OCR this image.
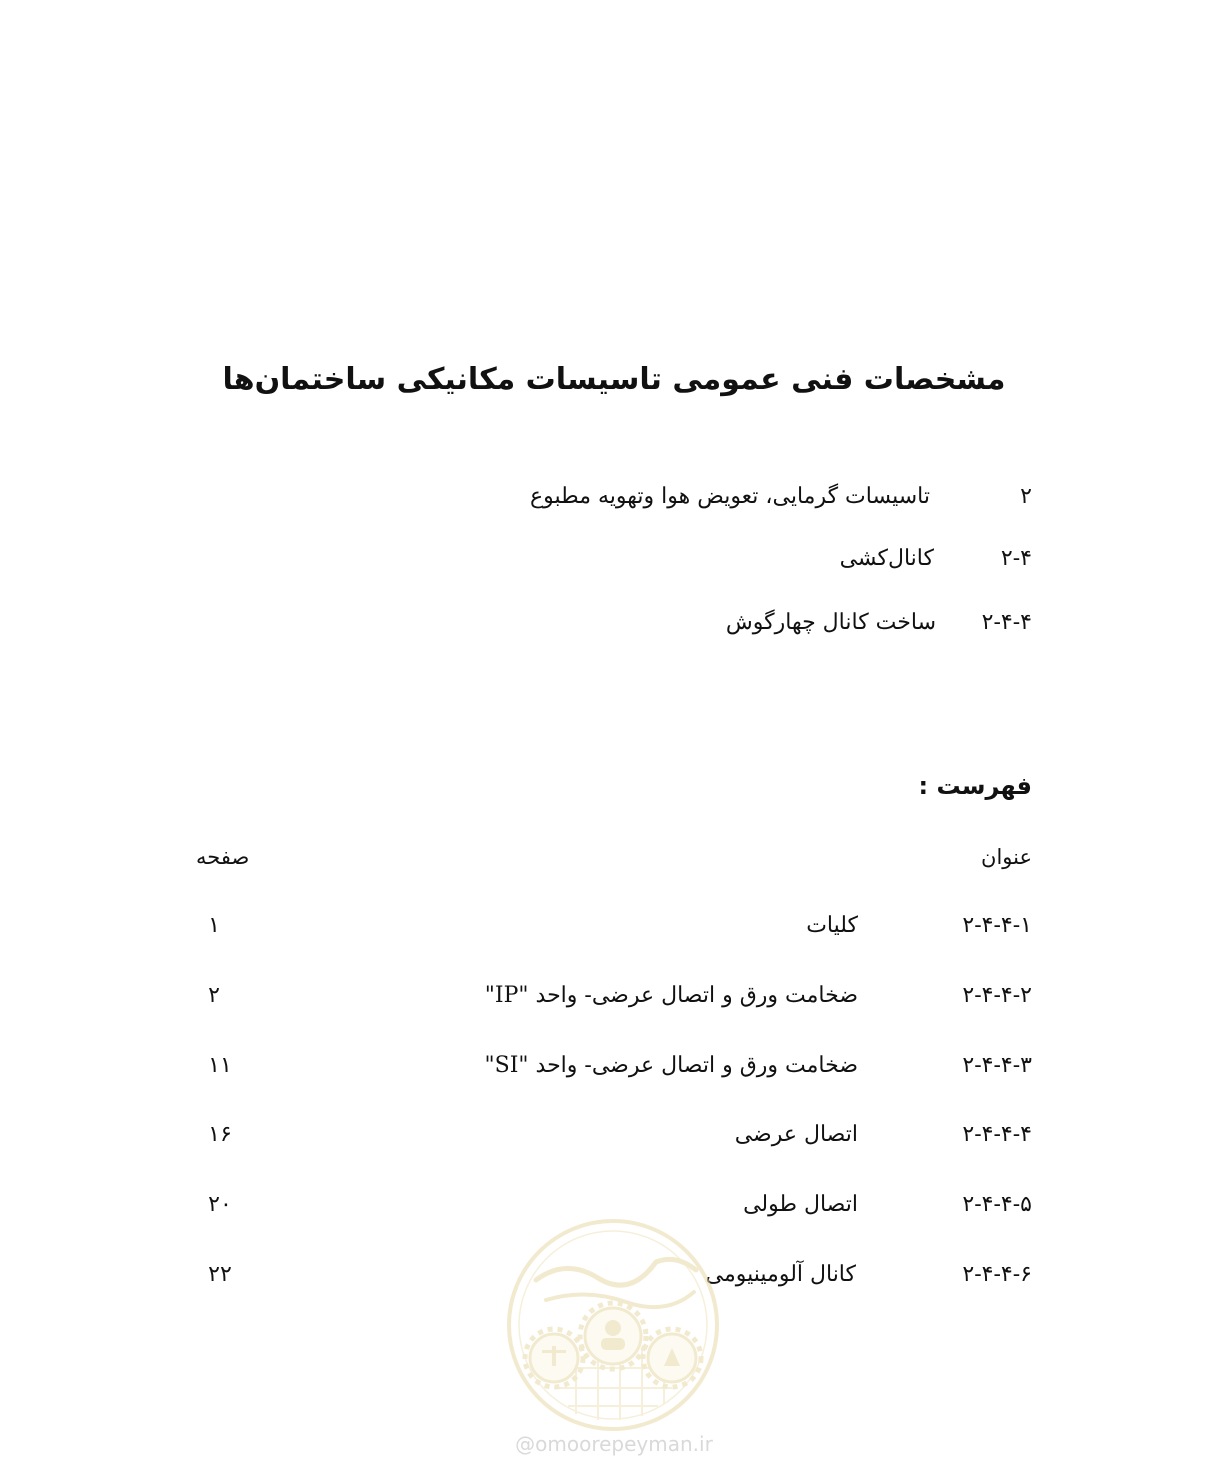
مشخصات فنی عمومی تاسیسات مکانیکی ساختمان‌ها
۲
تاسیسات گرمایی، تعویض هوا وتهویه مطبوع
۲-۴
کانال‌کشی
۲-۴-۴
ساخت کانال چهارگوش
فهرست :
عنوان
صفحه
۲-۴-۴-۱
کلیات
۱
۲-۴-۴-۲
ضخامت ورق و اتصال عرضی- واحد "IP"
۲
۲-۴-۴-۳
ضخامت ورق و اتصال عرضی- واحد "SI"
۱۱
۲-۴-۴-۴
اتصال عرضی
۱۶
۲-۴-۴-۵
اتصال طولی
۲۰
۲-۴-۴-۶
کانال آلومینیومی
۲۲
@omoorepeyman.ir
